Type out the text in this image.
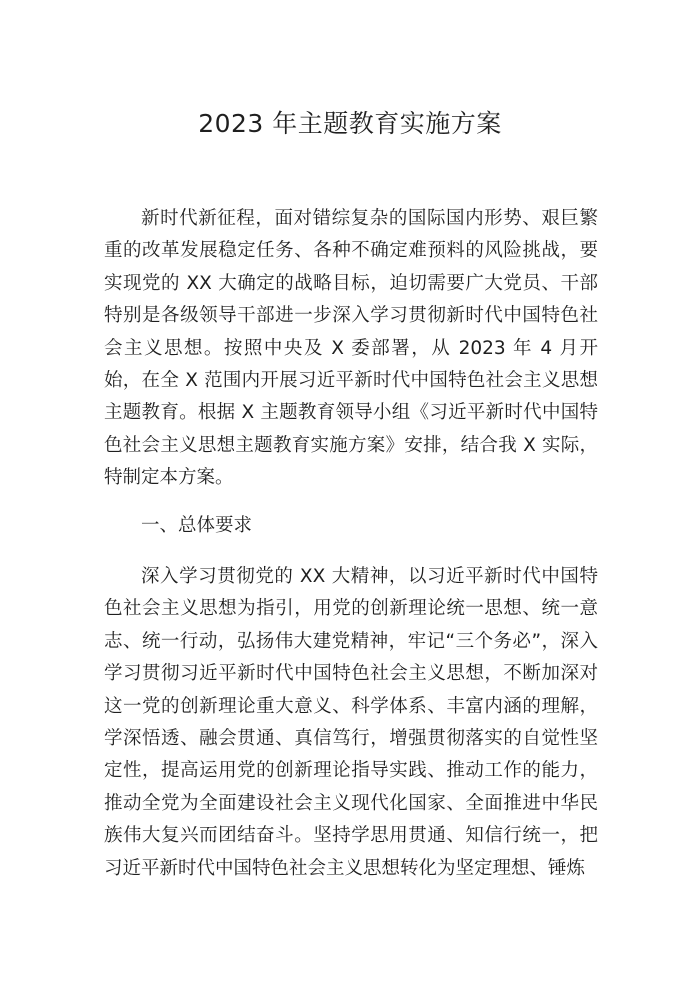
2023 年主题教育实施方案
新时代新征程，面对错综复杂的国际国内形势、艰巨繁重的改革发展稳定任务、各种不确定难预料的风险挑战，要实现党的 XX 大确定的战略目标，迫切需要广大党员、干部特别是各级领导干部进一步深入学习贯彻新时代中国特色社会主义思想。按照中央及 X 委部署，从 2023 年 4 月开始，在全 X 范围内开展习近平新时代中国特色社会主义思想主题教育。根据 X 主题教育领导小组《习近平新时代中国特色社会主义思想主题教育实施方案》安排，结合我 X 实际，特制定本方案。
一、总体要求
深入学习贯彻党的 XX 大精神，以习近平新时代中国特色社会主义思想为指引，用党的创新理论统一思想、统一意志、统一行动，弘扬伟大建党精神，牢记“三个务必”，深入学习贯彻习近平新时代中国特色社会主义思想，不断加深对这一党的创新理论重大意义、科学体系、丰富内涵的理解，学深悟透、融会贯通、真信笃行，增强贯彻落实的自觉性坚定性，提高运用党的创新理论指导实践、推动工作的能力，推动全党为全面建设社会主义现代化国家、全面推进中华民族伟大复兴而团结奋斗。坚持学思用贯通、知信行统一，把习近平新时代中国特色社会主义思想转化为坚定理想、锤炼
